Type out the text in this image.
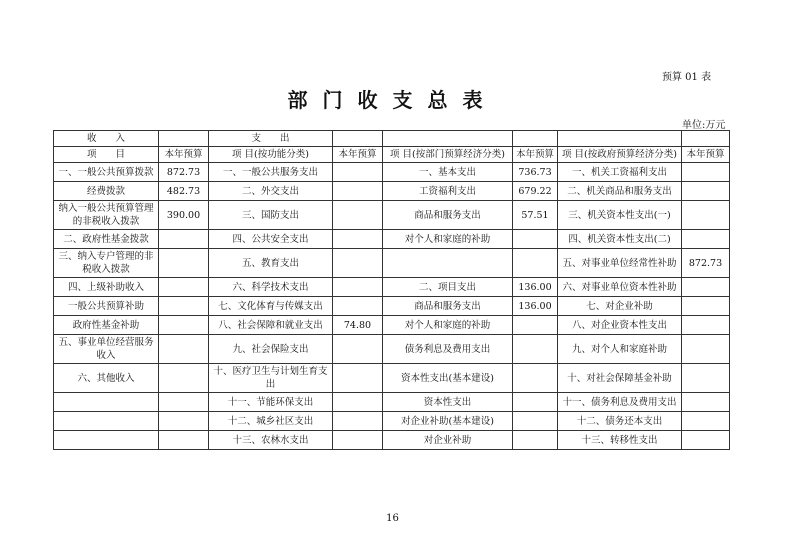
预算 01 表
部门收支总表
单位:万元
收　　入		支　　出					
项　　目	本年预算	项 目(按功能分类)	本年预算	项 目(按部门预算经济分类)	本年预算	项 目(按政府预算经济分类)	本年预算
一、一般公共预算拨款	872.73	一、一般公共服务支出		一、基本支出	736.73	一、机关工资福利支出	
经费拨款	482.73	二、外交支出		工资福利支出	679.22	二、机关商品和服务支出	
纳入一般公共预算管理的非税收入拨款	390.00	三、国防支出		商品和服务支出	57.51	三、机关资本性支出(一)	
二、政府性基金拨款		四、公共安全支出		对个人和家庭的补助		四、机关资本性支出(二)	
三、纳入专户管理的非税收入拨款		五、教育支出				五、对事业单位经常性补助	872.73
四、上级补助收入		六、科学技术支出		二、项目支出	136.00	六、对事业单位资本性补助	
一般公共预算补助		七、文化体育与传媒支出		商品和服务支出	136.00	七、对企业补助	
政府性基金补助		八、社会保障和就业支出	74.80	对个人和家庭的补助		八、对企业资本性支出	
五、事业单位经营服务收入		九、社会保险支出		债务利息及费用支出		九、对个人和家庭补助	
六、其他收入		十、医疗卫生与计划生育支出		资本性支出(基本建设)		十、对社会保障基金补助	
		十一、节能环保支出		资本性支出		十一、债务利息及费用支出	
		十二、城乡社区支出		对企业补助(基本建设)		十二、债务还本支出	
		十三、农林水支出		对企业补助		十三、转移性支出	
16
